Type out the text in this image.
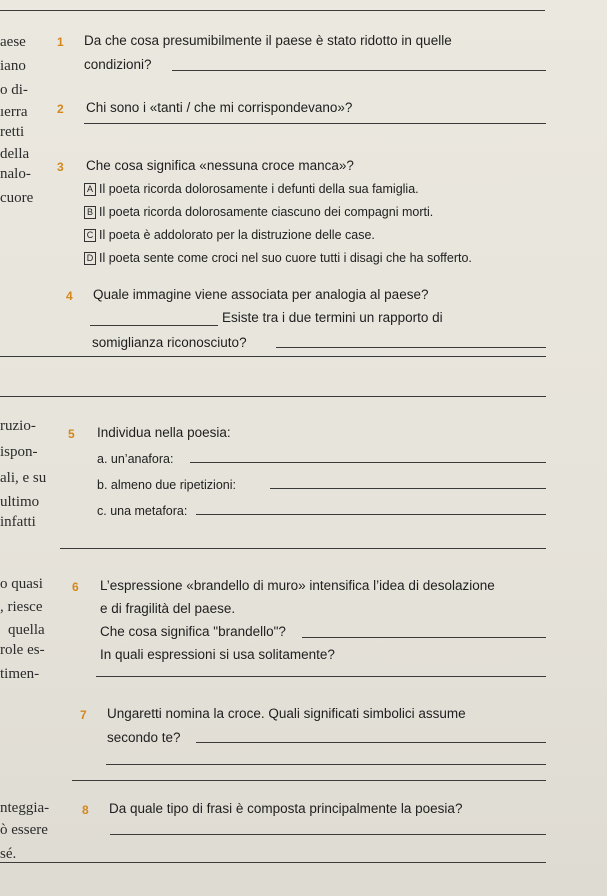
aese
iano
o di-
ıerra
retti
della
nalo-
cuore
ruzio-
ispon-
ali, e su
ultimo
infatti
o quasi
, riesce
quella
role es-
timen-
nteggia-
ò essere
sé.
1 Da che cosa presumibilmente il paese è stato ridotto in quelle
condizioni?
2 Chi sono i «tanti / che mi corrispondevano»?
3 Che cosa significa «nessuna croce manca»?
A Il poeta ricorda dolorosamente i defunti della sua famiglia.
B Il poeta ricorda dolorosamente ciascuno dei compagni morti.
C Il poeta è addolorato per la distruzione delle case.
D Il poeta sente come croci nel suo cuore tutti i disagi che ha sofferto.
4 Quale immagine viene associata per analogia al paese?
Esiste tra i due termini un rapporto di
somiglianza riconosciuto?
5 Individua nella poesia:
a. un’anafora:
b. almeno due ripetizioni:
c. una metafora:
6 L’espressione «brandello di muro» intensifica l’idea di desolazione
e di fragilità del paese.
Che cosa significa "brandello"?
In quali espressioni si usa solitamente?
7 Ungaretti nomina la croce. Quali significati simbolici assume
secondo te?
8 Da quale tipo di frasi è composta principalmente la poesia?
